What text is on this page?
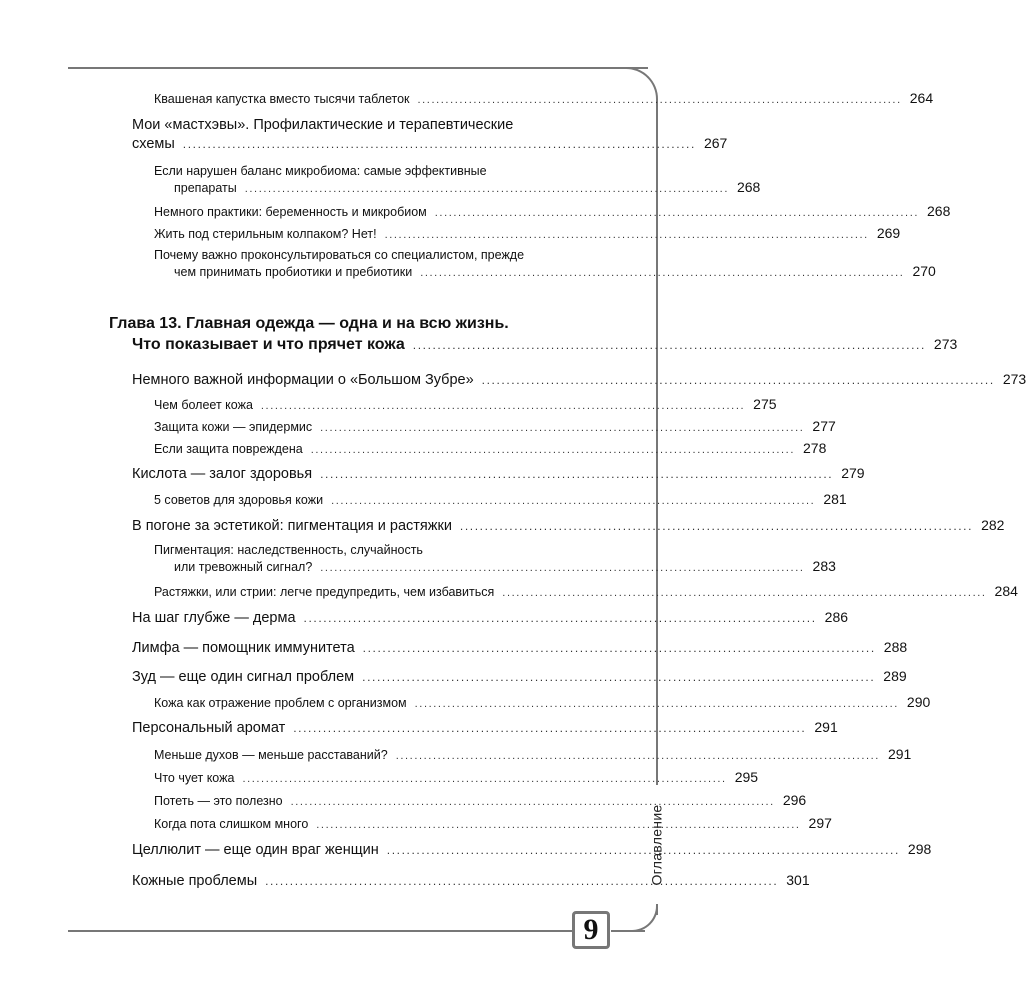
Оглавление
9
Квашеная капустка вместо тысячи таблеток ........................................................................................................ 264
Мои «мастхэвы». Профилактические и терапевтические
схемы ........................................................................................................ 267
Если нарушен баланс микробиома: самые эффективные
препараты ........................................................................................................ 268
Немного практики: беременность и микробиом ........................................................................................................ 268
Жить под стерильным колпаком? Нет! ........................................................................................................ 269
Почему важно проконсультироваться со специалистом, прежде
чем принимать пробиотики и пребиотики ........................................................................................................ 270
Глава 13. Главная одежда — одна и на всю жизнь.
Что показывает и что прячет кожа ........................................................................................................ 273
Немного важной информации о «Большом Зубре» ........................................................................................................ 273
Чем болеет кожа ........................................................................................................ 275
Защита кожи — эпидермис ........................................................................................................ 277
Если защита повреждена ........................................................................................................ 278
Кислота — залог здоровья ........................................................................................................ 279
5 советов для здоровья кожи ........................................................................................................ 281
В погоне за эстетикой: пигментация и растяжки ........................................................................................................ 282
Пигментация: наследственность, случайность
или тревожный сигнал? ........................................................................................................ 283
Растяжки, или стрии: легче предупредить, чем избавиться ........................................................................................................ 284
На шаг глубже — дерма ........................................................................................................ 286
Лимфа — помощник иммунитета ........................................................................................................ 288
Зуд — еще один сигнал проблем ........................................................................................................ 289
Кожа как отражение проблем с организмом ........................................................................................................ 290
Персональный аромат ........................................................................................................ 291
Меньше духов — меньше расставаний? ........................................................................................................ 291
Что чует кожа ........................................................................................................ 295
Потеть — это полезно ........................................................................................................ 296
Когда пота слишком много ........................................................................................................ 297
Целлюлит — еще один враг женщин ........................................................................................................ 298
Кожные проблемы ........................................................................................................ 301
